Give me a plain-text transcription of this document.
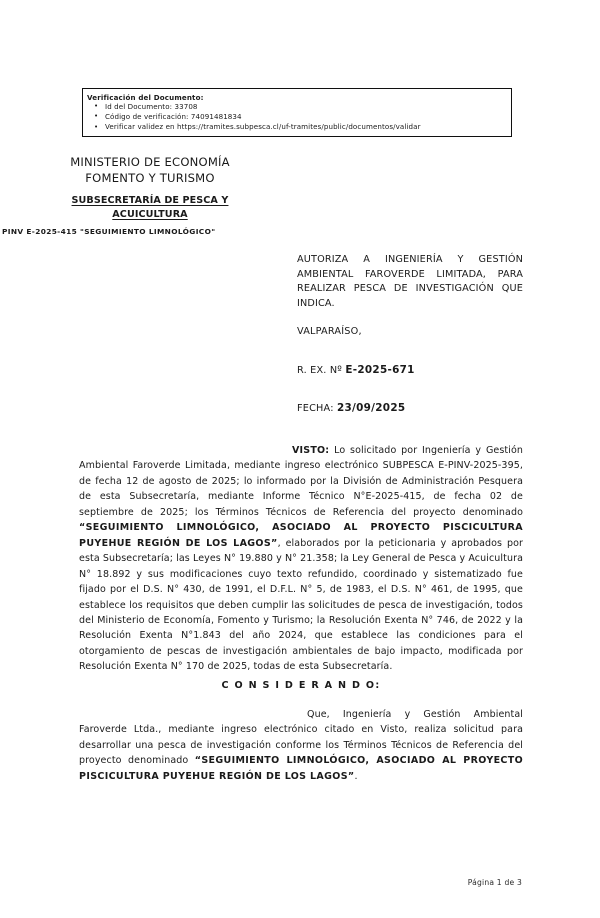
Verificación del Documento:
• Id del Documento: 33708
• Código de verificación: 74091481834
• Verificar validez en https://tramites.subpesca.cl/uf-tramites/public/documentos/validar
MINISTERIO DE ECONOMÍA
FOMENTO Y TURISMO
SUBSECRETARÍA DE PESCA Y
ACUICULTURA
PINV E-2025-415 "SEGUIMIENTO LIMNOLÓGICO"
AUTORIZA A INGENIERÍA Y GESTIÓN AMBIENTAL FAROVERDE LIMITADA, PARA REALIZAR PESCA DE INVESTIGACIÓN QUE INDICA.
VALPARAÍSO,
R. EX. Nº E-2025-671
FECHA: 23/09/2025

VISTO: Lo solicitado por Ingeniería y Gestión Ambiental Faroverde Limitada, mediante ingreso electrónico SUBPESCA E-PINV-2025-395, de fecha 12 de agosto de 2025; lo informado por la División de Administración Pesquera de esta Subsecretaría, mediante Informe Técnico N°E-2025-415, de fecha 02 de septiembre de 2025; los Términos Técnicos de Referencia del proyecto denominado “SEGUIMIENTO LIMNOLÓGICO, ASOCIADO AL PROYECTO PISCICULTURA PUYEHUE REGIÓN DE LOS LAGOS”, elaborados por la peticionaria y aprobados por esta Subsecretaría; las Leyes N° 19.880 y N° 21.358; la Ley General de Pesca y Acuicultura N° 18.892 y sus modificaciones cuyo texto refundido, coordinado y sistematizado fue fijado por el D.S. N° 430, de 1991, el D.F.L. N° 5, de 1983, el D.S. N° 461, de 1995, que establece los requisitos que deben cumplir las solicitudes de pesca de investigación, todos del Ministerio de Economía, Fomento y Turismo; la Resolución Exenta N° 746, de 2022 y la Resolución Exenta N°1.843 del año 2024, que establece las condiciones para el otorgamiento de pescas de investigación ambientales de bajo impacto, modificada por Resolución Exenta N° 170 de 2025, todas de esta Subsecretaría.

C O N S I D E R A N D O:

Que, Ingeniería y Gestión Ambiental Faroverde Ltda., mediante ingreso electrónico citado en Visto, realiza solicitud para desarrollar una pesca de investigación conforme los Términos Técnicos de Referencia del proyecto denominado “SEGUIMIENTO LIMNOLÓGICO, ASOCIADO AL PROYECTO PISCICULTURA PUYEHUE REGIÓN DE LOS LAGOS”.

Página 1 de 3
